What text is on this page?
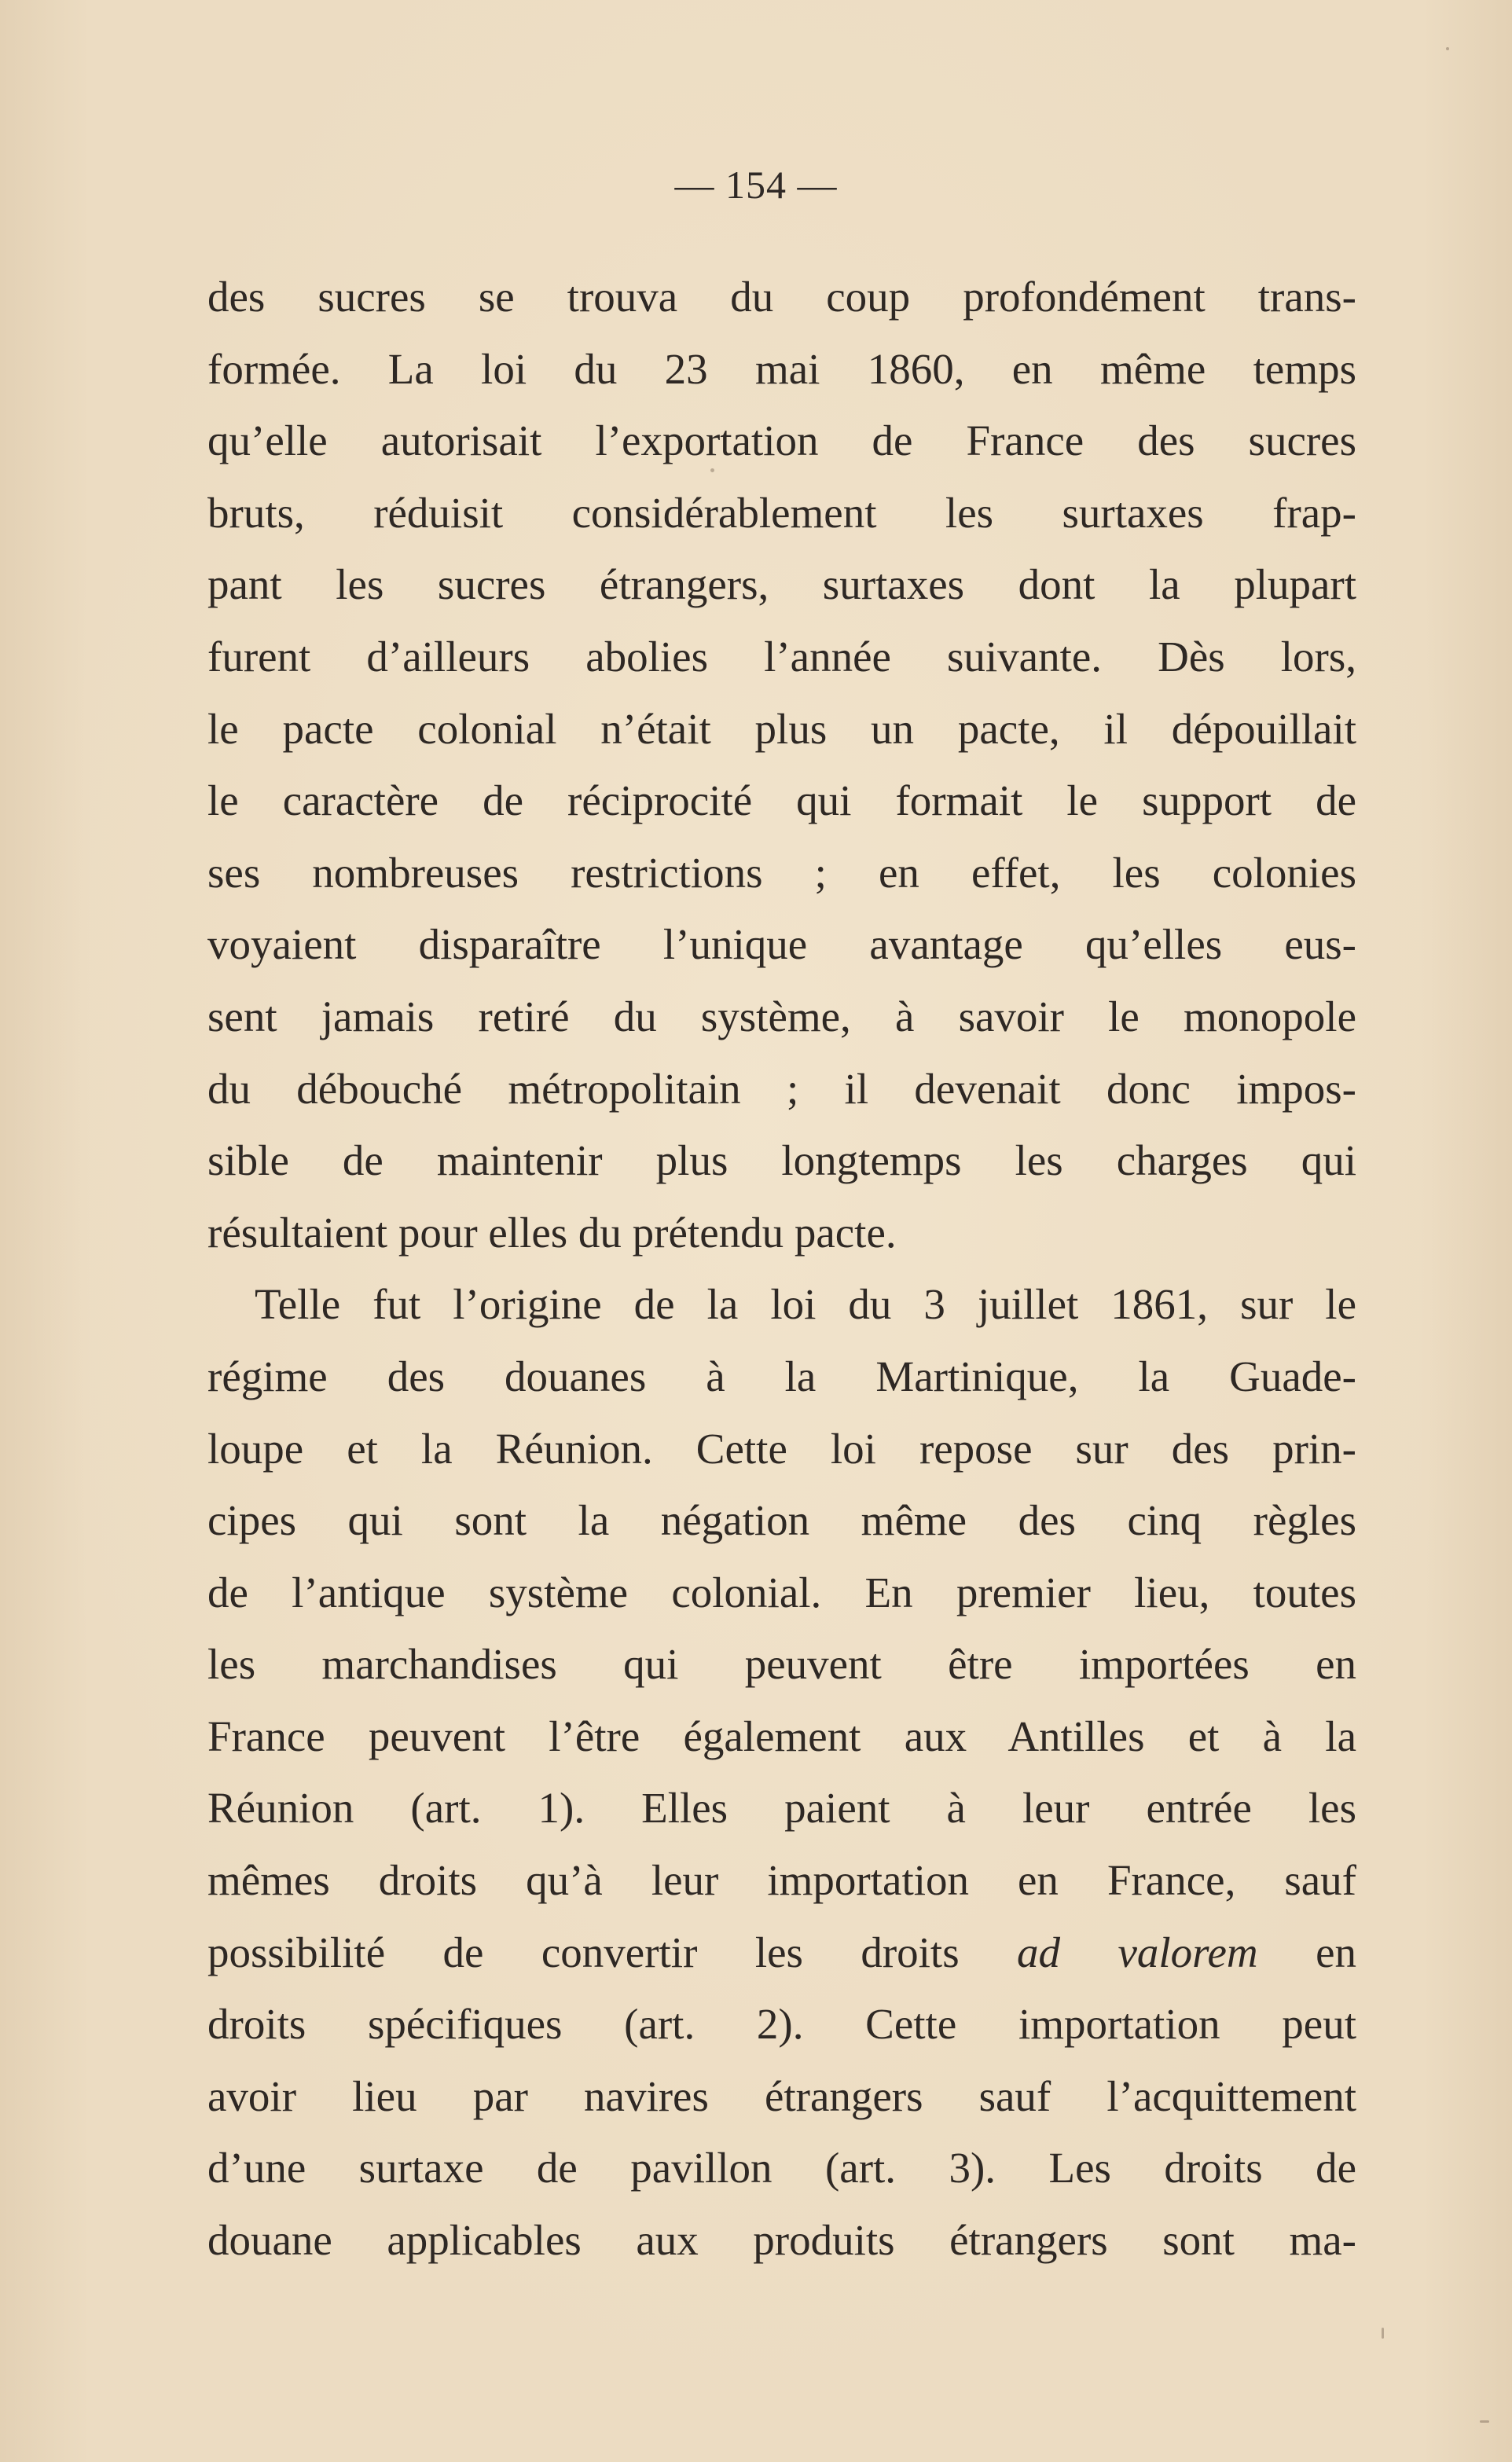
— 154 —
des sucres se trouva du coup profondément trans-
formée. La loi du 23 mai 1860, en même temps
qu’elle autorisait l’exportation de France des sucres
bruts, réduisit considérablement les surtaxes frap-
pant les sucres étrangers, surtaxes dont la plupart
furent d’ailleurs abolies l’année suivante. Dès lors,
le pacte colonial n’était plus un pacte, il dépouillait
le caractère de réciprocité qui formait le support de
ses nombreuses restrictions ; en effet, les colonies
voyaient disparaître l’unique avantage qu’elles eus-
sent jamais retiré du système, à savoir le monopole
du débouché métropolitain ; il devenait donc impos-
sible de maintenir plus longtemps les charges qui
résultaient pour elles du prétendu pacte.
Telle fut l’origine de la loi du 3 juillet 1861, sur le
régime des douanes à la Martinique, la Guade-
loupe et la Réunion. Cette loi repose sur des prin-
cipes qui sont la négation même des cinq règles
de l’antique système colonial. En premier lieu, toutes
les marchandises qui peuvent être importées en
France peuvent l’être également aux Antilles et à la
Réunion (art. 1). Elles paient à leur entrée les
mêmes droits qu’à leur importation en France, sauf
possibilité de convertir les droits ad valorem en
droits spécifiques (art. 2). Cette importation peut
avoir lieu par navires étrangers sauf l’acquittement
d’une surtaxe de pavillon (art. 3). Les droits de
douane applicables aux produits étrangers sont ma-
